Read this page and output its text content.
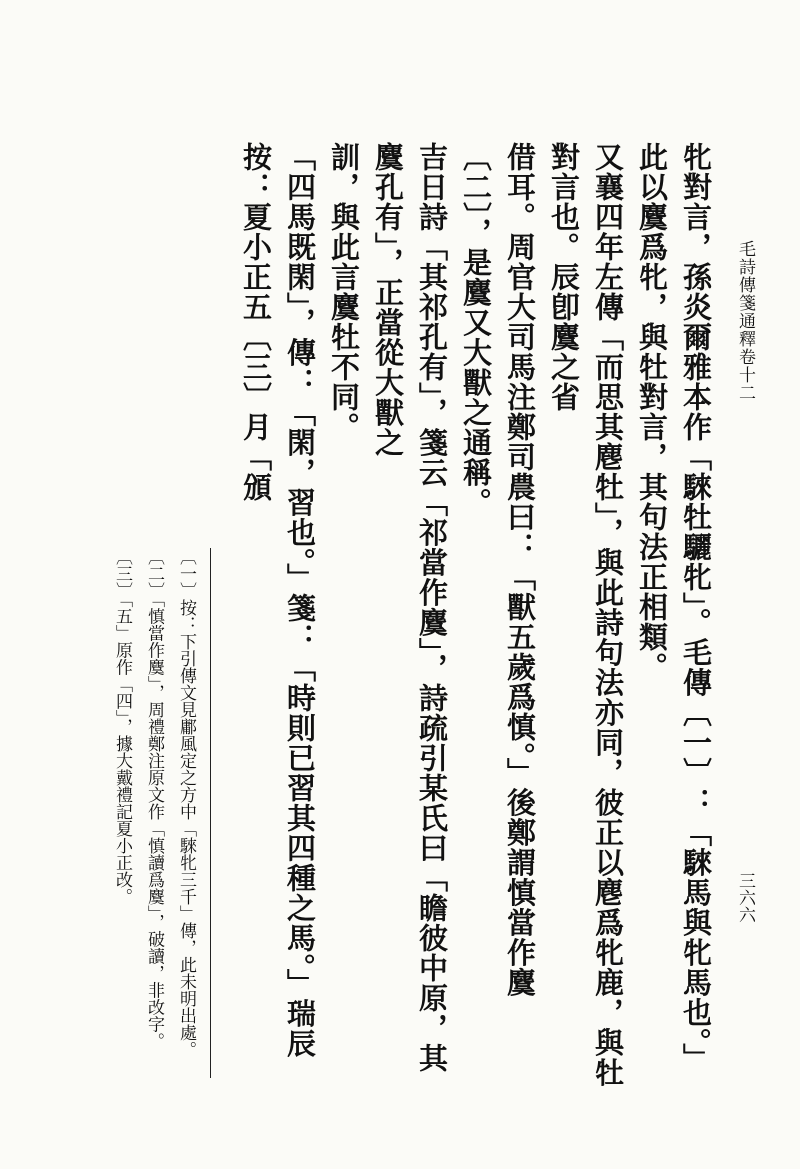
毛詩傳箋通釋卷十二
三六六
牝對言，孫炎爾雅本作「騋牡驪牝」。毛傳〔一〕：「騋馬與牝馬也。」此以麌爲牝，與牡對言，其句法正相類。
又襄四年左傳「而思其麀牡」，與此詩句法亦同，彼正以麀爲牝鹿，與牡對言也。辰卽麌之省
借耳。周官大司馬注鄭司農曰：「獸五歲爲慎。」後鄭謂慎當作麌〔二〕，是麌又大獸之通稱。
吉日詩「其祁孔有」，箋云「祁當作麌」，詩疏引某氏曰「瞻彼中原，其麌孔有」，正當從大獸之
訓，與此言麌牡不同。
「四馬既閑」，傳：「閑，習也。」箋：「時則已習其四種之馬。」瑞辰按：夏小正五〔三〕月「頒
〔一〕按：下引傳文見鄘風定之方中「騋牝三千」傳，此未明出處。
〔二〕「慎當作麌」，周禮鄭注原文作「慎讀爲麌」，破讀，非改字。
〔三〕「五」原作「四」，據大戴禮記夏小正改。
